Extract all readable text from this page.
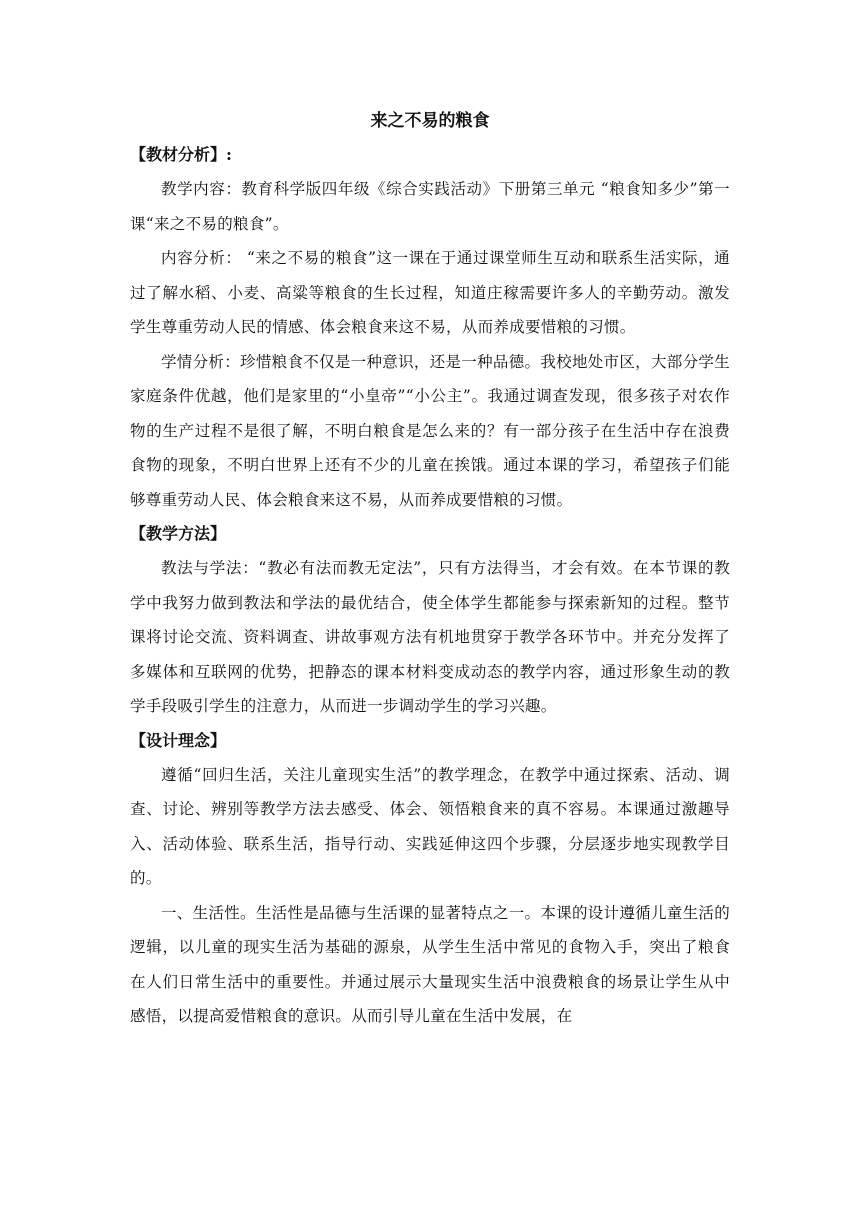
来之不易的粮食
【教材分析】:

教学内容：教育科学版四年级《综合实践活动》下册第三单元 “粮食知多少”第一课“来之不易的粮食”。

内容分析： “来之不易的粮食”这一课在于通过课堂师生互动和联系生活实际，通过了解水稻、小麦、高粱等粮食的生长过程，知道庄稼需要许多人的辛勤劳动。激发学生尊重劳动人民的情感、体会粮食来这不易，从而养成要惜粮的习惯。

学情分析：珍惜粮食不仅是一种意识，还是一种品德。我校地处市区，大部分学生家庭条件优越，他们是家里的“小皇帝”“小公主”。我通过调查发现，很多孩子对农作物的生产过程不是很了解，不明白粮食是怎么来的？有一部分孩子在生活中存在浪费食物的现象，不明白世界上还有不少的儿童在挨饿。通过本课的学习，希望孩子们能够尊重劳动人民、体会粮食来这不易，从而养成要惜粮的习惯。

【教学方法】

教法与学法：“教必有法而教无定法”，只有方法得当，才会有效。在本节课的教学中我努力做到教法和学法的最优结合，使全体学生都能参与探索新知的过程。整节课将讨论交流、资料调查、讲故事观方法有机地贯穿于教学各环节中。并充分发挥了多媒体和互联网的优势，把静态的课本材料变成动态的教学内容，通过形象生动的教学手段吸引学生的注意力，从而进一步调动学生的学习兴趣。

【设计理念】

遵循“回归生活，关注儿童现实生活”的教学理念，在教学中通过探索、活动、调查、讨论、辨别等教学方法去感受、体会、领悟粮食来的真不容易。本课通过激趣导入、活动体验、联系生活，指导行动、实践延伸这四个步骤，分层逐步地实现教学目的。

一、生活性。生活性是品德与生活课的显著特点之一。本课的设计遵循儿童生活的逻辑，以儿童的现实生活为基础的源泉，从学生生活中常见的食物入手，突出了粮食在人们日常生活中的重要性。并通过展示大量现实生活中浪费粮食的场景让学生从中感悟，以提高爱惜粮食的意识。从而引导儿童在生活中发展，在
